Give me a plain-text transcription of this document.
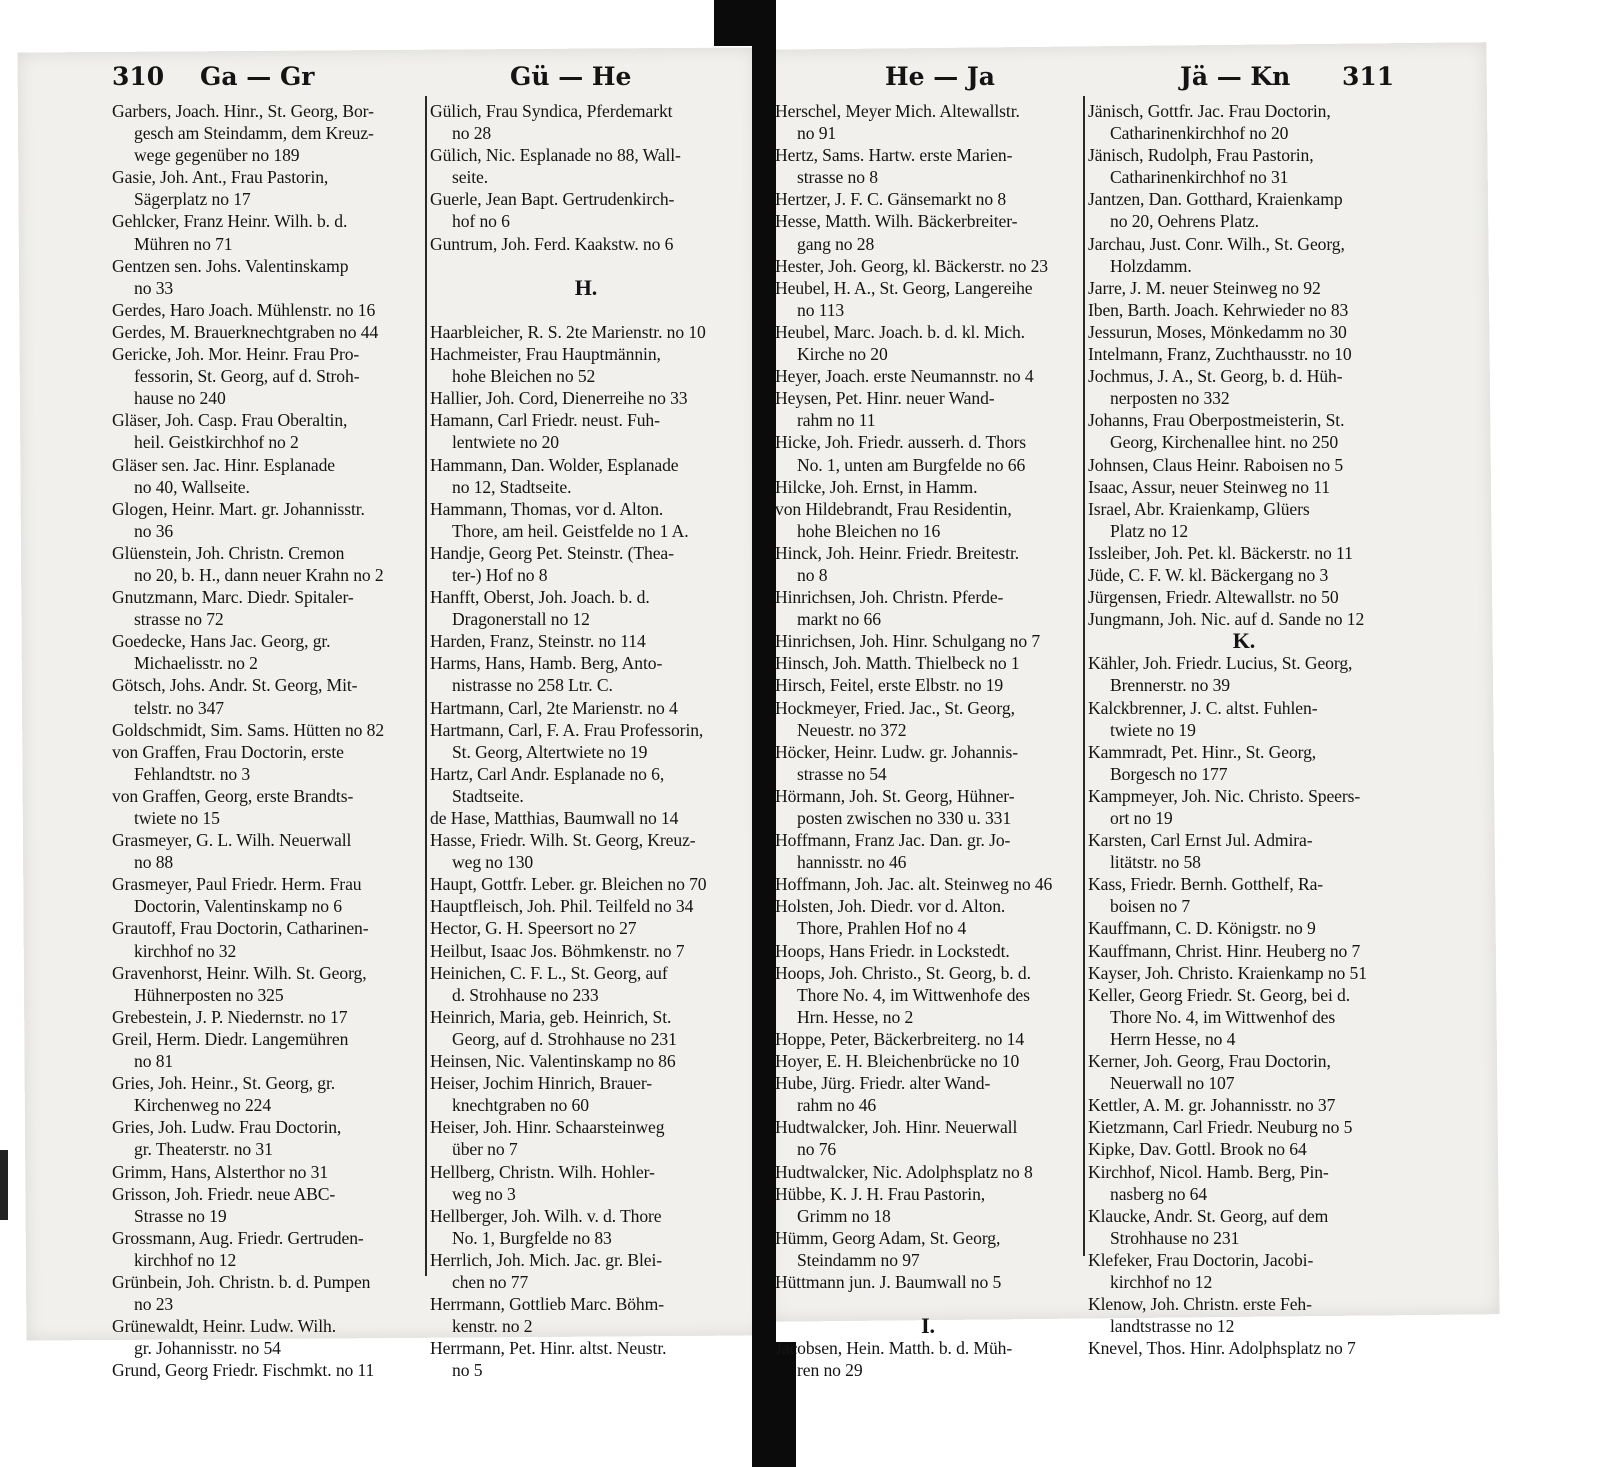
310 Ga — Gr	Gü — He	He — Ja	Jä — Kn 311
Garbers, Joach. Hinr., St. Georg, Bor-
gesch am Steindamm, dem Kreuz-
wege gegenüber no 189
Gasie, Joh. Ant., Frau Pastorin,
Sägerplatz no 17
Gehlcker, Franz Heinr. Wilh. b. d.
Mühren no 71
Gentzen sen. Johs. Valentinskamp
no 33
Gerdes, Haro Joach. Mühlenstr. no 16
Gerdes, M. Brauerknechtgraben no 44
Gericke, Joh. Mor. Heinr. Frau Pro-
fessorin, St. Georg, auf d. Stroh-
hause no 240
Gläser, Joh. Casp. Frau Oberaltin,
heil. Geistkirchhof no 2
Gläser sen. Jac. Hinr. Esplanade
no 40, Wallseite.
Glogen, Heinr. Mart. gr. Johannisstr.
no 36
Glüenstein, Joh. Christn. Cremon
no 20, b. H., dann neuer Krahn no 2
Gnutzmann, Marc. Diedr. Spitaler-
strasse no 72
Goedecke, Hans Jac. Georg, gr.
Michaelisstr. no 2
Götsch, Johs. Andr. St. Georg, Mit-
telstr. no 347
Goldschmidt, Sim. Sams. Hütten no 82
von Graffen, Frau Doctorin, erste
Fehlandtstr. no 3
von Graffen, Georg, erste Brandts-
twiete no 15
Grasmeyer, G. L. Wilh. Neuerwall
no 88
Grasmeyer, Paul Friedr. Herm. Frau
Doctorin, Valentinskamp no 6
Grautoff, Frau Doctorin, Catharinen-
kirchhof no 32
Gravenhorst, Heinr. Wilh. St. Georg,
Hühnerposten no 325
Grebestein, J. P. Niedernstr. no 17
Greil, Herm. Diedr. Langemühren
no 81
Gries, Joh. Heinr., St. Georg, gr.
Kirchenweg no 224
Gries, Joh. Ludw. Frau Doctorin,
gr. Theaterstr. no 31
Grimm, Hans, Alsterthor no 31
Grisson, Joh. Friedr. neue ABC-
Strasse no 19
Grossmann, Aug. Friedr. Gertruden-
kirchhof no 12
Grünbein, Joh. Christn. b. d. Pumpen
no 23
Grünewaldt, Heinr. Ludw. Wilh.
gr. Johannisstr. no 54
Grund, Georg Friedr. Fischmkt. no 11
Gülich, Frau Syndica, Pferdemarkt
no 28
Gülich, Nic. Esplanade no 88, Wall-
seite.
Guerle, Jean Bapt. Gertrudenkirch-
hof no 6
Guntrum, Joh. Ferd. Kaakstw. no 6
H.
Haarbleicher, R. S. 2te Marienstr. no 10
Hachmeister, Frau Hauptmännin,
hohe Bleichen no 52
Hallier, Joh. Cord, Dienerreihe no 33
Hamann, Carl Friedr. neust. Fuh-
lentwiete no 20
Hammann, Dan. Wolder, Esplanade
no 12, Stadtseite.
Hammann, Thomas, vor d. Alton.
Thore, am heil. Geistfelde no 1 A.
Handje, Georg Pet. Steinstr. (Thea-
ter-) Hof no 8
Hanfft, Oberst, Joh. Joach. b. d.
Dragonerstall no 12
Harden, Franz, Steinstr. no 114
Harms, Hans, Hamb. Berg, Anto-
nistrasse no 258 Ltr. C.
Hartmann, Carl, 2te Marienstr. no 4
Hartmann, Carl, F. A. Frau Professorin,
St. Georg, Altertwiete no 19
Hartz, Carl Andr. Esplanade no 6,
Stadtseite.
de Hase, Matthias, Baumwall no 14
Hasse, Friedr. Wilh. St. Georg, Kreuz-
weg no 130
Haupt, Gottfr. Leber. gr. Bleichen no 70
Hauptfleisch, Joh. Phil. Teilfeld no 34
Hector, G. H. Speersort no 27
Heilbut, Isaac Jos. Böhmkenstr. no 7
Heinichen, C. F. L., St. Georg, auf
d. Strohhause no 233
Heinrich, Maria, geb. Heinrich, St.
Georg, auf d. Strohhause no 231
Heinsen, Nic. Valentinskamp no 86
Heiser, Jochim Hinrich, Brauer-
knechtgraben no 60
Heiser, Joh. Hinr. Schaarsteinweg
über no 7
Hellberg, Christn. Wilh. Hohler-
weg no 3
Hellberger, Joh. Wilh. v. d. Thore
No. 1, Burgfelde no 83
Herrlich, Joh. Mich. Jac. gr. Blei-
chen no 77
Herrmann, Gottlieb Marc. Böhm-
kenstr. no 2
Herrmann, Pet. Hinr. altst. Neustr.
no 5
Herschel, Meyer Mich. Altewallstr.
no 91
Hertz, Sams. Hartw. erste Marien-
strasse no 8
Hertzer, J. F. C. Gänsemarkt no 8
Hesse, Matth. Wilh. Bäckerbreiter-
gang no 28
Hester, Joh. Georg, kl. Bäckerstr. no 23
Heubel, H. A., St. Georg, Langereihe
no 113
Heubel, Marc. Joach. b. d. kl. Mich.
Kirche no 20
Heyer, Joach. erste Neumannstr. no 4
Heysen, Pet. Hinr. neuer Wand-
rahm no 11
Hicke, Joh. Friedr. ausserh. d. Thors
No. 1, unten am Burgfelde no 66
Hilcke, Joh. Ernst, in Hamm.
von Hildebrandt, Frau Residentin,
hohe Bleichen no 16
Hinck, Joh. Heinr. Friedr. Breitestr.
no 8
Hinrichsen, Joh. Christn. Pferde-
markt no 66
Hinrichsen, Joh. Hinr. Schulgang no 7
Hinsch, Joh. Matth. Thielbeck no 1
Hirsch, Feitel, erste Elbstr. no 19
Hockmeyer, Fried. Jac., St. Georg,
Neuestr. no 372
Höcker, Heinr. Ludw. gr. Johannis-
strasse no 54
Hörmann, Joh. St. Georg, Hühner-
posten zwischen no 330 u. 331
Hoffmann, Franz Jac. Dan. gr. Jo-
hannisstr. no 46
Hoffmann, Joh. Jac. alt. Steinweg no 46
Holsten, Joh. Diedr. vor d. Alton.
Thore, Prahlen Hof no 4
Hoops, Hans Friedr. in Lockstedt.
Hoops, Joh. Christo., St. Georg, b. d.
Thore No. 4, im Wittwenhofe des
Hrn. Hesse, no 2
Hoppe, Peter, Bäckerbreiterg. no 14
Hoyer, E. H. Bleichenbrücke no 10
Hube, Jürg. Friedr. alter Wand-
rahm no 46
Hudtwalcker, Joh. Hinr. Neuerwall
no 76
Hudtwalcker, Nic. Adolphsplatz no 8
Hübbe, K. J. H. Frau Pastorin,
Grimm no 18
Hümm, Georg Adam, St. Georg,
Steindamm no 97
Hüttmann jun. J. Baumwall no 5
I.
Jacobsen, Hein. Matth. b. d. Müh-
ren no 29
Jänisch, Gottfr. Jac. Frau Doctorin,
Catharinenkirchhof no 20
Jänisch, Rudolph, Frau Pastorin,
Catharinenkirchhof no 31
Jantzen, Dan. Gotthard, Kraienkamp
no 20, Oehrens Platz.
Jarchau, Just. Conr. Wilh., St. Georg,
Holzdamm.
Jarre, J. M. neuer Steinweg no 92
Iben, Barth. Joach. Kehrwieder no 83
Jessurun, Moses, Mönkedamm no 30
Intelmann, Franz, Zuchthausstr. no 10
Jochmus, J. A., St. Georg, b. d. Hüh-
nerposten no 332
Johanns, Frau Oberpostmeisterin, St.
Georg, Kirchenallee hint. no 250
Johnsen, Claus Heinr. Raboisen no 5
Isaac, Assur, neuer Steinweg no 11
Israel, Abr. Kraienkamp, Glüers
Platz no 12
Issleiber, Joh. Pet. kl. Bäckerstr. no 11
Jüde, C. F. W. kl. Bäckergang no 3
Jürgensen, Friedr. Altewallstr. no 50
Jungmann, Joh. Nic. auf d. Sande no 12
K.
Kähler, Joh. Friedr. Lucius, St. Georg,
Brennerstr. no 39
Kalckbrenner, J. C. altst. Fuhlen-
twiete no 19
Kammradt, Pet. Hinr., St. Georg,
Borgesch no 177
Kampmeyer, Joh. Nic. Christo. Speers-
ort no 19
Karsten, Carl Ernst Jul. Admira-
litätstr. no 58
Kass, Friedr. Bernh. Gotthelf, Ra-
boisen no 7
Kauffmann, C. D. Königstr. no 9
Kauffmann, Christ. Hinr. Heuberg no 7
Kayser, Joh. Christo. Kraienkamp no 51
Keller, Georg Friedr. St. Georg, bei d.
Thore No. 4, im Wittwenhof des
Herrn Hesse, no 4
Kerner, Joh. Georg, Frau Doctorin,
Neuerwall no 107
Kettler, A. M. gr. Johannisstr. no 37
Kietzmann, Carl Friedr. Neuburg no 5
Kipke, Dav. Gottl. Brook no 64
Kirchhof, Nicol. Hamb. Berg, Pin-
nasberg no 64
Klaucke, Andr. St. Georg, auf dem
Strohhause no 231
Klefeker, Frau Doctorin, Jacobi-
kirchhof no 12
Klenow, Joh. Christn. erste Feh-
landtstrasse no 12
Knevel, Thos. Hinr. Adolphsplatz no 7
